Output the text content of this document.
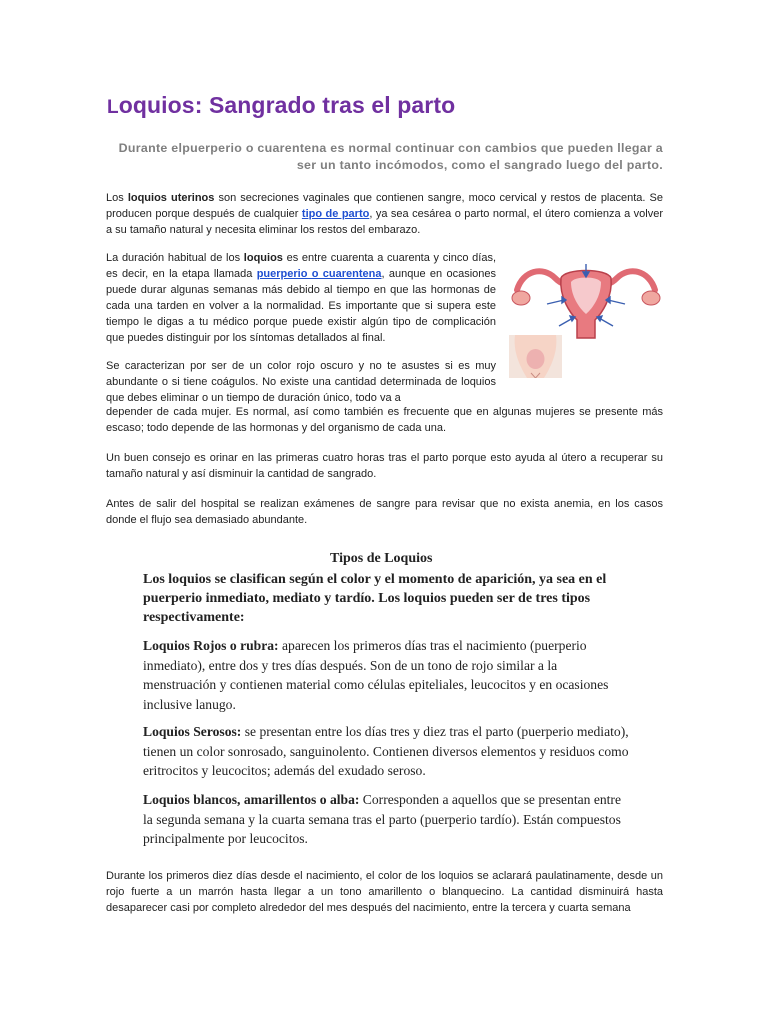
Loquios: Sangrado tras el parto

Durante elpuerperio o cuarentena es normal continuar con cambios que pueden llegar a ser un tanto incómodos, como el sangrado luego del parto.

Los loquios uterinos son secreciones vaginales que contienen sangre, moco cervical y restos de placenta. Se producen porque después de cualquier tipo de parto, ya sea cesárea o parto normal, el útero comienza a volver a su tamaño natural y necesita eliminar los restos del embarazo.

La duración habitual de los loquios es entre cuarenta a cuarenta y cinco días, es decir, en la etapa llamada puerperio o cuarentena, aunque en ocasiones puede durar algunas semanas más debido al tiempo en que las hormonas de cada una tarden en volver a la normalidad. Es importante que si supera este tiempo le digas a tu médico porque puede existir algún tipo de complicación que puedes distinguir por los síntomas detallados al final.

Se caracterizan por ser de un color rojo oscuro y no te asustes si es muy abundante o si tiene coágulos. No existe una cantidad determinada de loquios que debes eliminar o un tiempo de duración único, todo va a

depender de cada mujer. Es normal, así como también es frecuente que en algunas mujeres se presente más escaso; todo depende de las hormonas y del organismo de cada una.

Un buen consejo es orinar en las primeras cuatro horas tras el parto porque esto ayuda al útero a recuperar su tamaño natural y así disminuir la cantidad de sangrado.

Antes de salir del hospital se realizan exámenes de sangre para revisar que no exista anemia, en los casos donde el flujo sea demasiado abundante.

Tipos de Loquios

Los loquios se clasifican según el color y el momento de aparición, ya sea en el puerperio inmediato, mediato y tardío. Los loquios pueden ser de tres tipos respectivamente:

Loquios Rojos o rubra: aparecen los primeros días tras el nacimiento (puerperio inmediato), entre dos y tres días después. Son de un tono de rojo similar a la menstruación y contienen material como células epiteliales, leucocitos y en ocasiones inclusive lanugo.

Loquios Serosos: se presentan entre los días tres y diez tras el parto (puerperio mediato), tienen un color sonrosado, sanguinolento. Contienen diversos elementos y residuos como eritrocitos y leucocitos; además del exudado seroso.

Loquios blancos, amarillentos o alba: Corresponden a aquellos que se presentan entre la segunda semana y la cuarta semana tras el parto (puerperio tardío). Están compuestos principalmente por leucocitos.

Durante los primeros diez días desde el nacimiento, el color de los loquios se aclarará paulatinamente, desde un rojo fuerte a un marrón hasta llegar a un tono amarillento o blanquecino. La cantidad disminuirá hasta desaparecer casi por completo alrededor del mes después del nacimiento, entre la tercera y cuarta semana
